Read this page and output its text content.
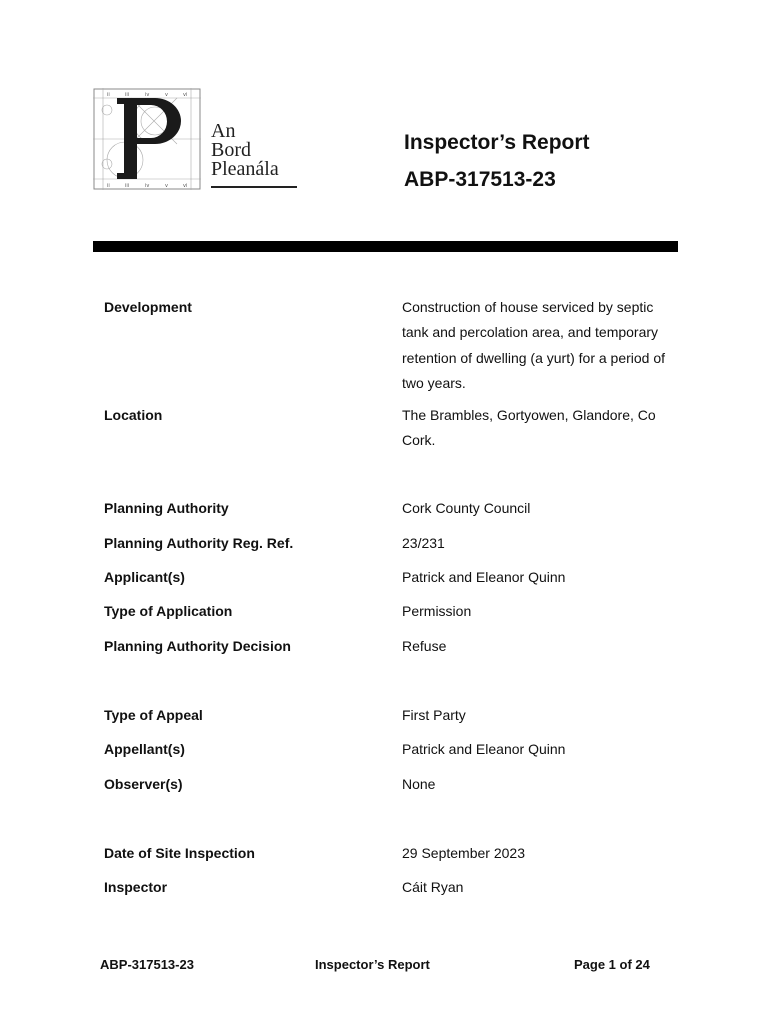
ii	iii	iv	v	vi
ii	iii	iv	v	vi
An
Bord
Pleanála
Inspector’s Report
ABP-317513-23
Development	Construction of house serviced by septic tank and percolation area, and temporary retention of dwelling (a yurt) for a period of two years.
Location	The Brambles, Gortyowen, Glandore, Co Cork.
Planning Authority	Cork County Council
Planning Authority Reg. Ref.	23/231
Applicant(s)	Patrick and Eleanor Quinn
Type of Application	Permission
Planning Authority Decision	Refuse
Type of Appeal	First Party
Appellant(s)	Patrick and Eleanor Quinn
Observer(s)	None
Date of Site Inspection	29 September 2023
Inspector	Cáit Ryan
ABP-317513-23	Inspector’s Report	Page 1 of 24
